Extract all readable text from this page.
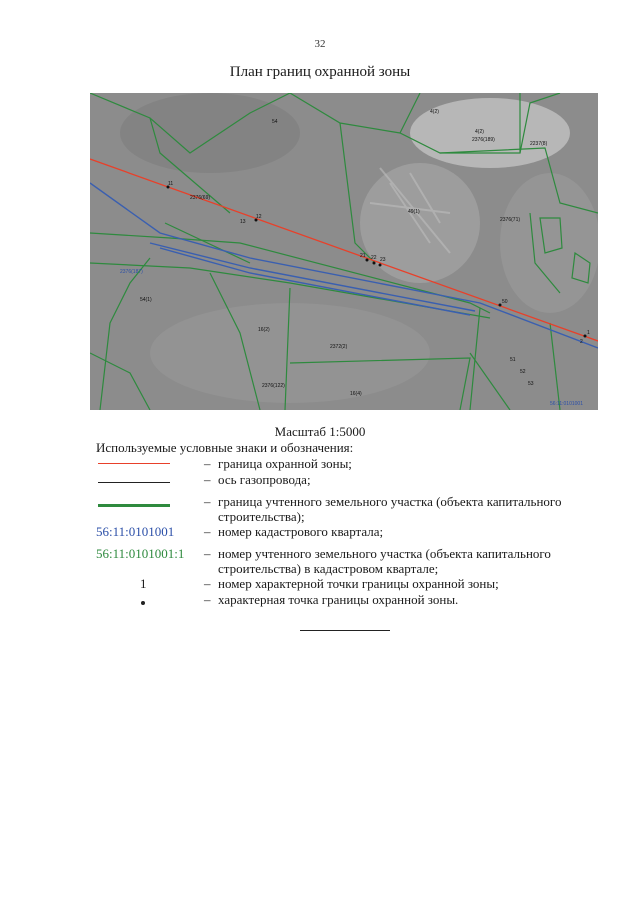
32
План границ охранной зоны
4(2)
4(2)
2376(189)
2237(8)
2376(69)
49(1)
2376(71)
2376(187)
54(1)
16(2)
2372(2)
2376(122)
16(4)
54
56:11:0101001
11
12
21 22 23
50
1
2
51
52
53
13
Масштаб 1:5000
Используемые условные знаки и обозначения:
– граница охранной зоны;
– ось газопровода;
– граница учтенного земельного участка (объекта капитального строительства);
56:11:0101001	– номер кадастрового квартала;
56:11:0101001:1	– номер учтенного земельного участка (объекта капитального строительства) в кадастровом квартале;
1	– номер характерной точки границы охранной зоны;
– характерная точка границы охранной зоны.
